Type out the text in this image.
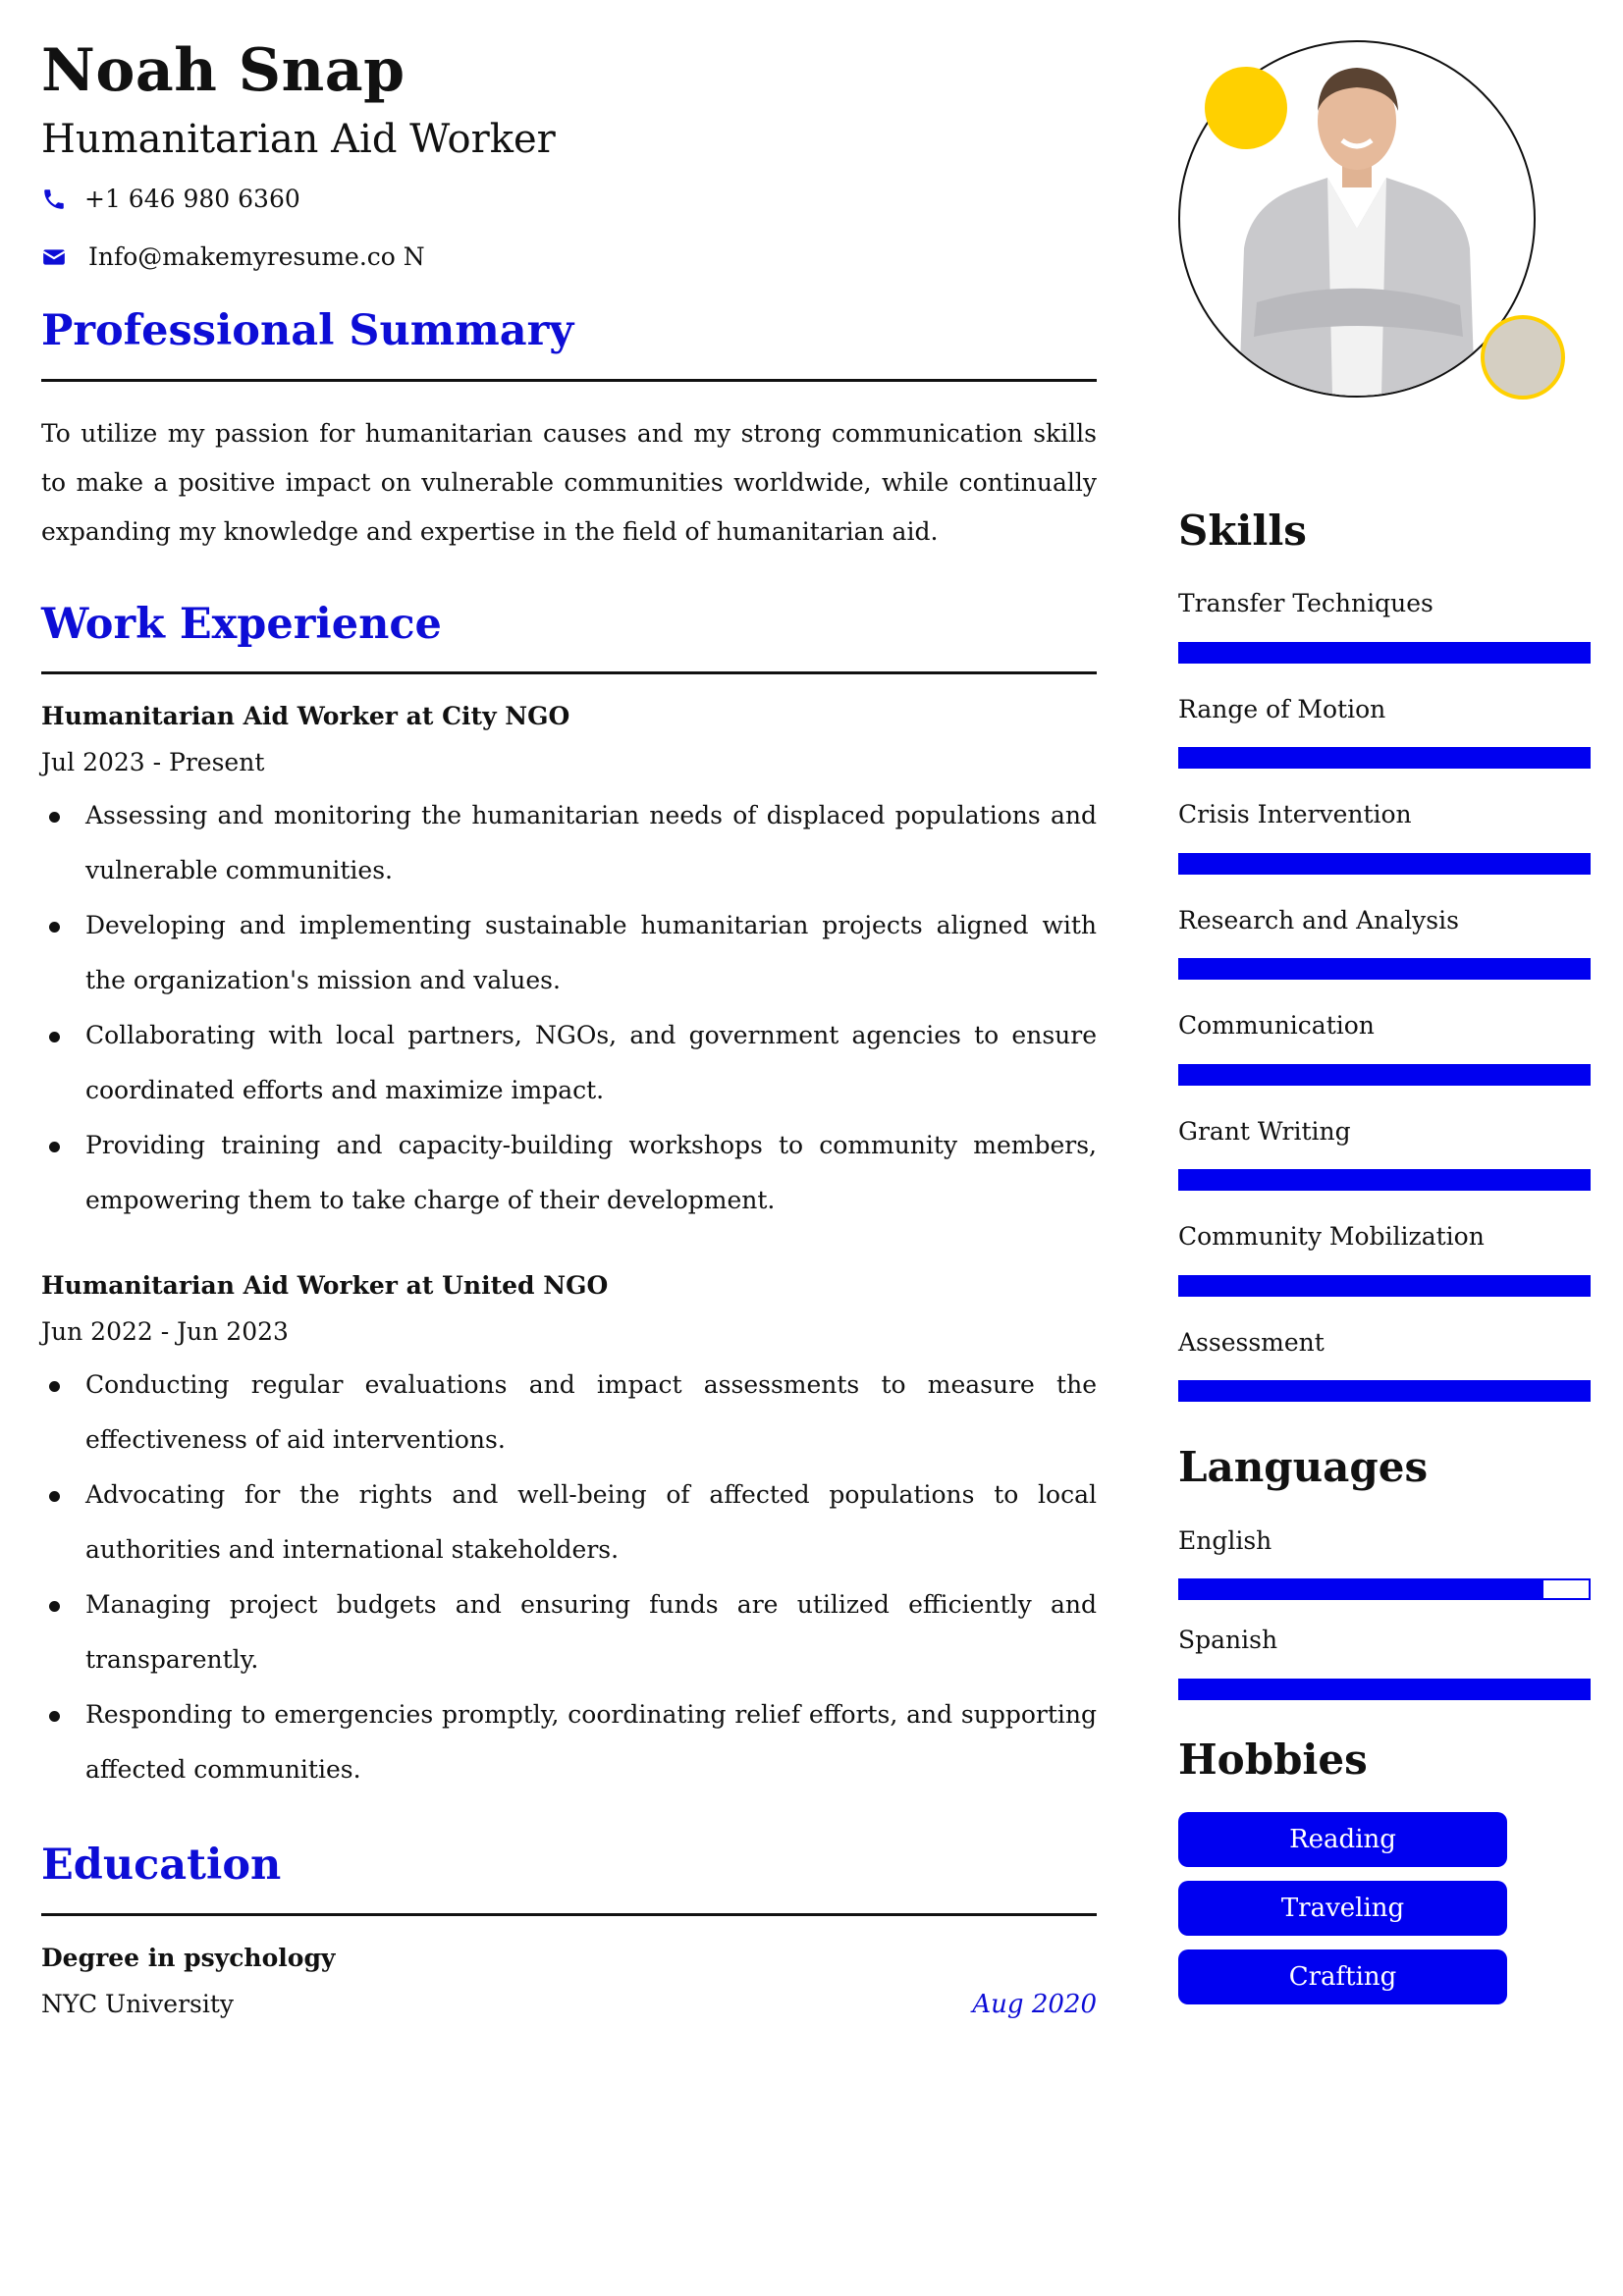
Noah Snap
Humanitarian Aid Worker
+1 646 980 6360
Info@makemyresume.co N
Professional Summary

To utilize my passion for humanitarian causes and my strong communication skills to make a positive impact on vulnerable communities worldwide, while continually expanding my knowledge and expertise in the field of humanitarian aid.

Work Experience
Humanitarian Aid Worker at City NGO
Jul 2023 - Present
Assessing and monitoring the humanitarian needs of displaced populations and vulnerable communities.
Developing and implementing sustainable humanitarian projects aligned with the organization's mission and values.
Collaborating with local partners, NGOs, and government agencies to ensure coordinated efforts and maximize impact.
Providing training and capacity-building workshops to community members, empowering them to take charge of their development.
Humanitarian Aid Worker at United NGO
Jun 2022 - Jun 2023
Conducting regular evaluations and impact assessments to measure the effectiveness of aid interventions.
Advocating for the rights and well-being of affected populations to local authorities and international stakeholders.
Managing project budgets and ensuring funds are utilized efficiently and transparently.
Responding to emergencies promptly, coordinating relief efforts, and supporting affected communities.
Education
Degree in psychology
NYC University	Aug 2020
Skills
Transfer Techniques
Range of Motion
Crisis Intervention
Research and Analysis
Communication
Grant Writing
Community Mobilization
Assessment
Languages
English
Spanish
Hobbies
Reading
Traveling
Crafting
